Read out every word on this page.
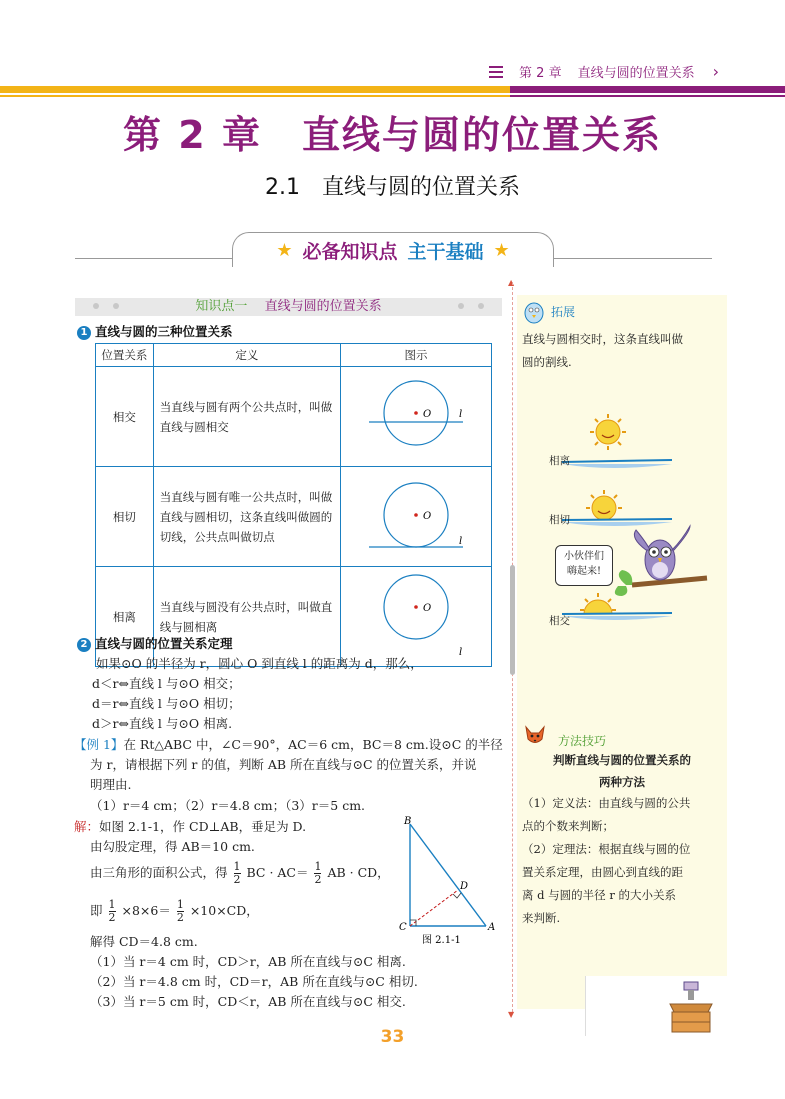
第 2 章 直线与圆的位置关系 ›
第 2 章　直线与圆的位置关系
2.1　直线与圆的位置关系
★ 必备知识点 主干基础 ★
知识点一　 直线与圆的位置关系
1 直线与圆的三种位置关系
位置关系	定义	图示
相交	当直线与圆有两个公共点时，叫做直线与圆相交	O l

相切	当直线与圆有唯一公共点时，叫做直线与圆相切，这条直线叫做圆的切线，公共点叫做切点	O
l

相离	当直线与圆没有公共点时，叫做直线与圆相离	O
l
2 直线与圆的位置关系定理
如果⊙O 的半径为 r，圆心 O 到直线 l 的距离为 d，那么，
d＜r⇔直线 l 与⊙O 相交；
d＝r⇔直线 l 与⊙O 相切；
d＞r⇔直线 l 与⊙O 相离.
【例 1】在 Rt△ABC 中，∠C＝90°，AC＝6 cm，BC＝8 cm.设⊙C 的半径
为 r，请根据下列 r 的值，判断 AB 所在直线与⊙C 的位置关系，并说
明理由.
（1）r＝4 cm；（2）r＝4.8 cm；（3）r＝5 cm.
解：如图 2.1-1，作 CD⊥AB，垂足为 D.
由勾股定理，得 AB＝10 cm.
由三角形的面积公式，得 $\frac{1}{2}$ BC · $AC= \frac{1}{2}$ AB · CD，
即 $\frac{1}{2} \times 8\times 6= \frac{1}{2} \times 10\times CD$，
解得 CD＝4.8 cm.
（1）当 r＝4 cm 时，CD＞r，AB 所在直线与⊙C 相离.
（2）当 r＝4.8 cm 时，CD＝r，AB 所在直线与⊙C 相切.
（3）当 r＝5 cm 时，CD＜r，AB 所在直线与⊙C 相交.
B
C	A
D
图 2.1-1
▲
▼
拓展
直线与圆相交时，这条直线叫做
圆的割线.
相离
相切
相交
小伙伴们
嗨起来!
方法技巧
判断直线与圆的位置关系的
两种方法
（1）定义法：由直线与圆的公共
点的个数来判断；
（2）定理法：根据直线与圆的位
置关系定理，由圆心到直线的距
离 d 与圆的半径 r 的大小关系
来判断.
33
